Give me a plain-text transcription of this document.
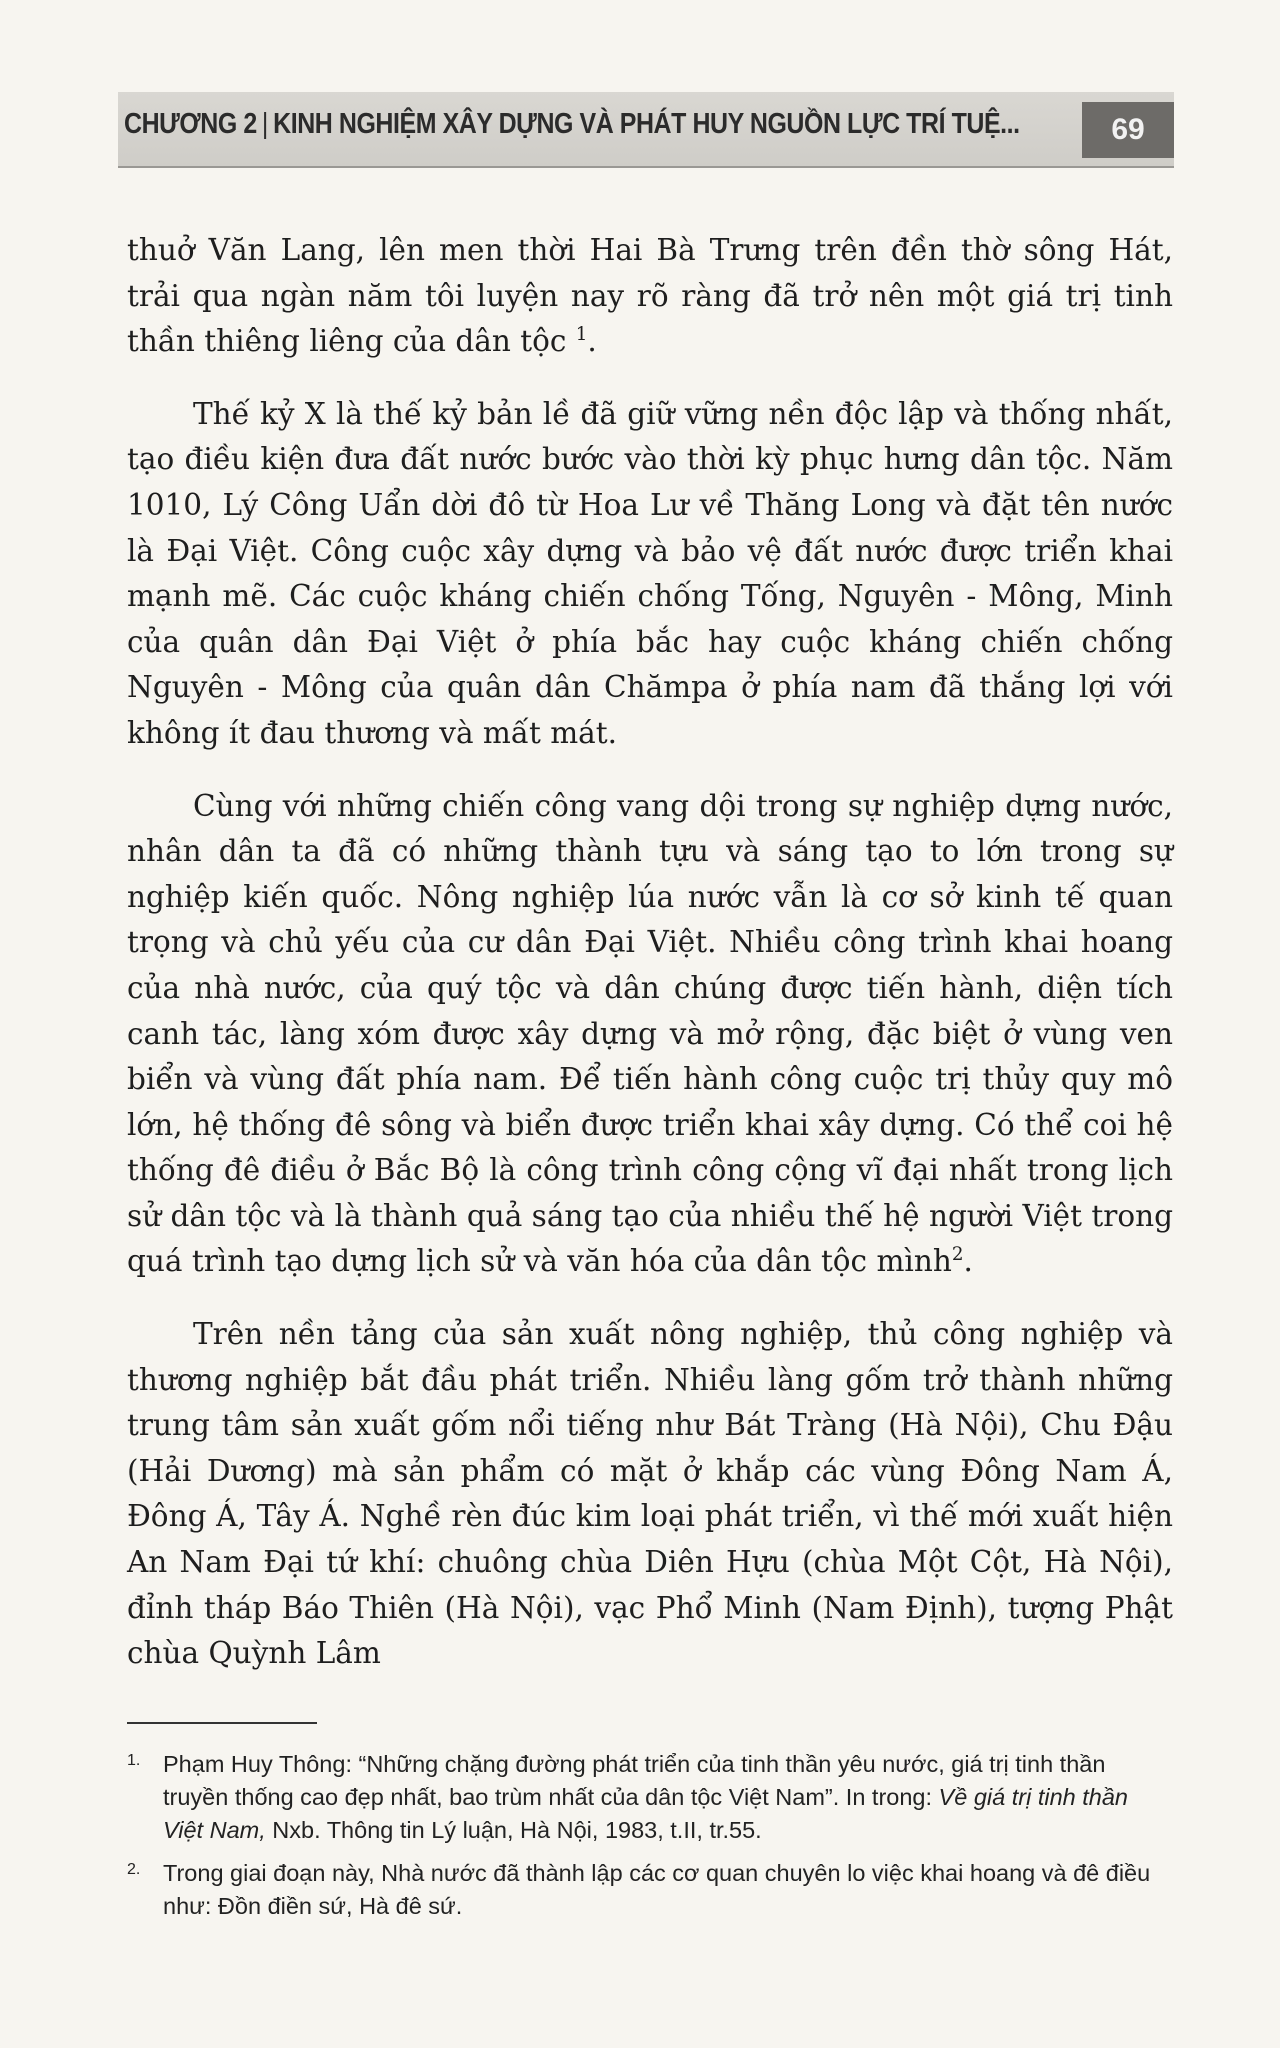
CHƯƠNG 2 | KINH NGHIỆM XÂY DỰNG VÀ PHÁT HUY NGUỒN LỰC TRÍ TUỆ...	69

thuở Văn Lang, lên men thời Hai Bà Trưng trên đền thờ sông Hát, trải qua ngàn năm tôi luyện nay rõ ràng đã trở nên một giá trị tinh thần thiêng liêng của dân tộc $^1$.

Thế kỷ X là thế kỷ bản lề đã giữ vững nền độc lập và thống nhất, tạo điều kiện đưa đất nước bước vào thời kỳ phục hưng dân tộc. Năm 1010, Lý Công Uẩn dời đô từ Hoa Lư về Thăng Long và đặt tên nước là Đại Việt. Công cuộc xây dựng và bảo vệ đất nước được triển khai mạnh mẽ. Các cuộc kháng chiến chống Tống, Nguyên - Mông, Minh của quân dân Đại Việt ở phía bắc hay cuộc kháng chiến chống Nguyên - Mông của quân dân Chămpa ở phía nam đã thắng lợi với không ít đau thương và mất mát.

Cùng với những chiến công vang dội trong sự nghiệp dựng nước, nhân dân ta đã có những thành tựu và sáng tạo to lớn trong sự nghiệp kiến quốc. Nông nghiệp lúa nước vẫn là cơ sở kinh tế quan trọng và chủ yếu của cư dân Đại Việt. Nhiều công trình khai hoang của nhà nước, của quý tộc và dân chúng được tiến hành, diện tích canh tác, làng xóm được xây dựng và mở rộng, đặc biệt ở vùng ven biển và vùng đất phía nam. Để tiến hành công cuộc trị thủy quy mô lớn, hệ thống đê sông và biển được triển khai xây dựng. Có thể coi hệ thống đê điều ở Bắc Bộ là công trình công cộng vĩ đại nhất trong lịch sử dân tộc và là thành quả sáng tạo của nhiều thế hệ người Việt trong quá trình tạo dựng lịch sử và văn hóa của dân tộc mình$^2$.

Trên nền tảng của sản xuất nông nghiệp, thủ công nghiệp và thương nghiệp bắt đầu phát triển. Nhiều làng gốm trở thành những trung tâm sản xuất gốm nổi tiếng như Bát Tràng (Hà Nội), Chu Đậu (Hải Dương) mà sản phẩm có mặt ở khắp các vùng Đông Nam Á, Đông Á, Tây Á. Nghề rèn đúc kim loại phát triển, vì thế mới xuất hiện An Nam Đại tứ khí: chuông chùa Diên Hựu (chùa Một Cột, Hà Nội), đỉnh tháp Báo Thiên (Hà Nội), vạc Phổ Minh (Nam Định), tượng Phật chùa Quỳnh Lâm

1. Phạm Huy Thông: “Những chặng đường phát triển của tinh thần yêu nước, giá trị tinh thần truyền thống cao đẹp nhất, bao trùm nhất của dân tộc Việt Nam”. In trong: Về giá trị tinh thần Việt Nam, Nxb. Thông tin Lý luận, Hà Nội, 1983, t.II, tr.55.
2. Trong giai đoạn này, Nhà nước đã thành lập các cơ quan chuyên lo việc khai hoang và đê điều như: Đồn điền sứ, Hà đê sứ.
